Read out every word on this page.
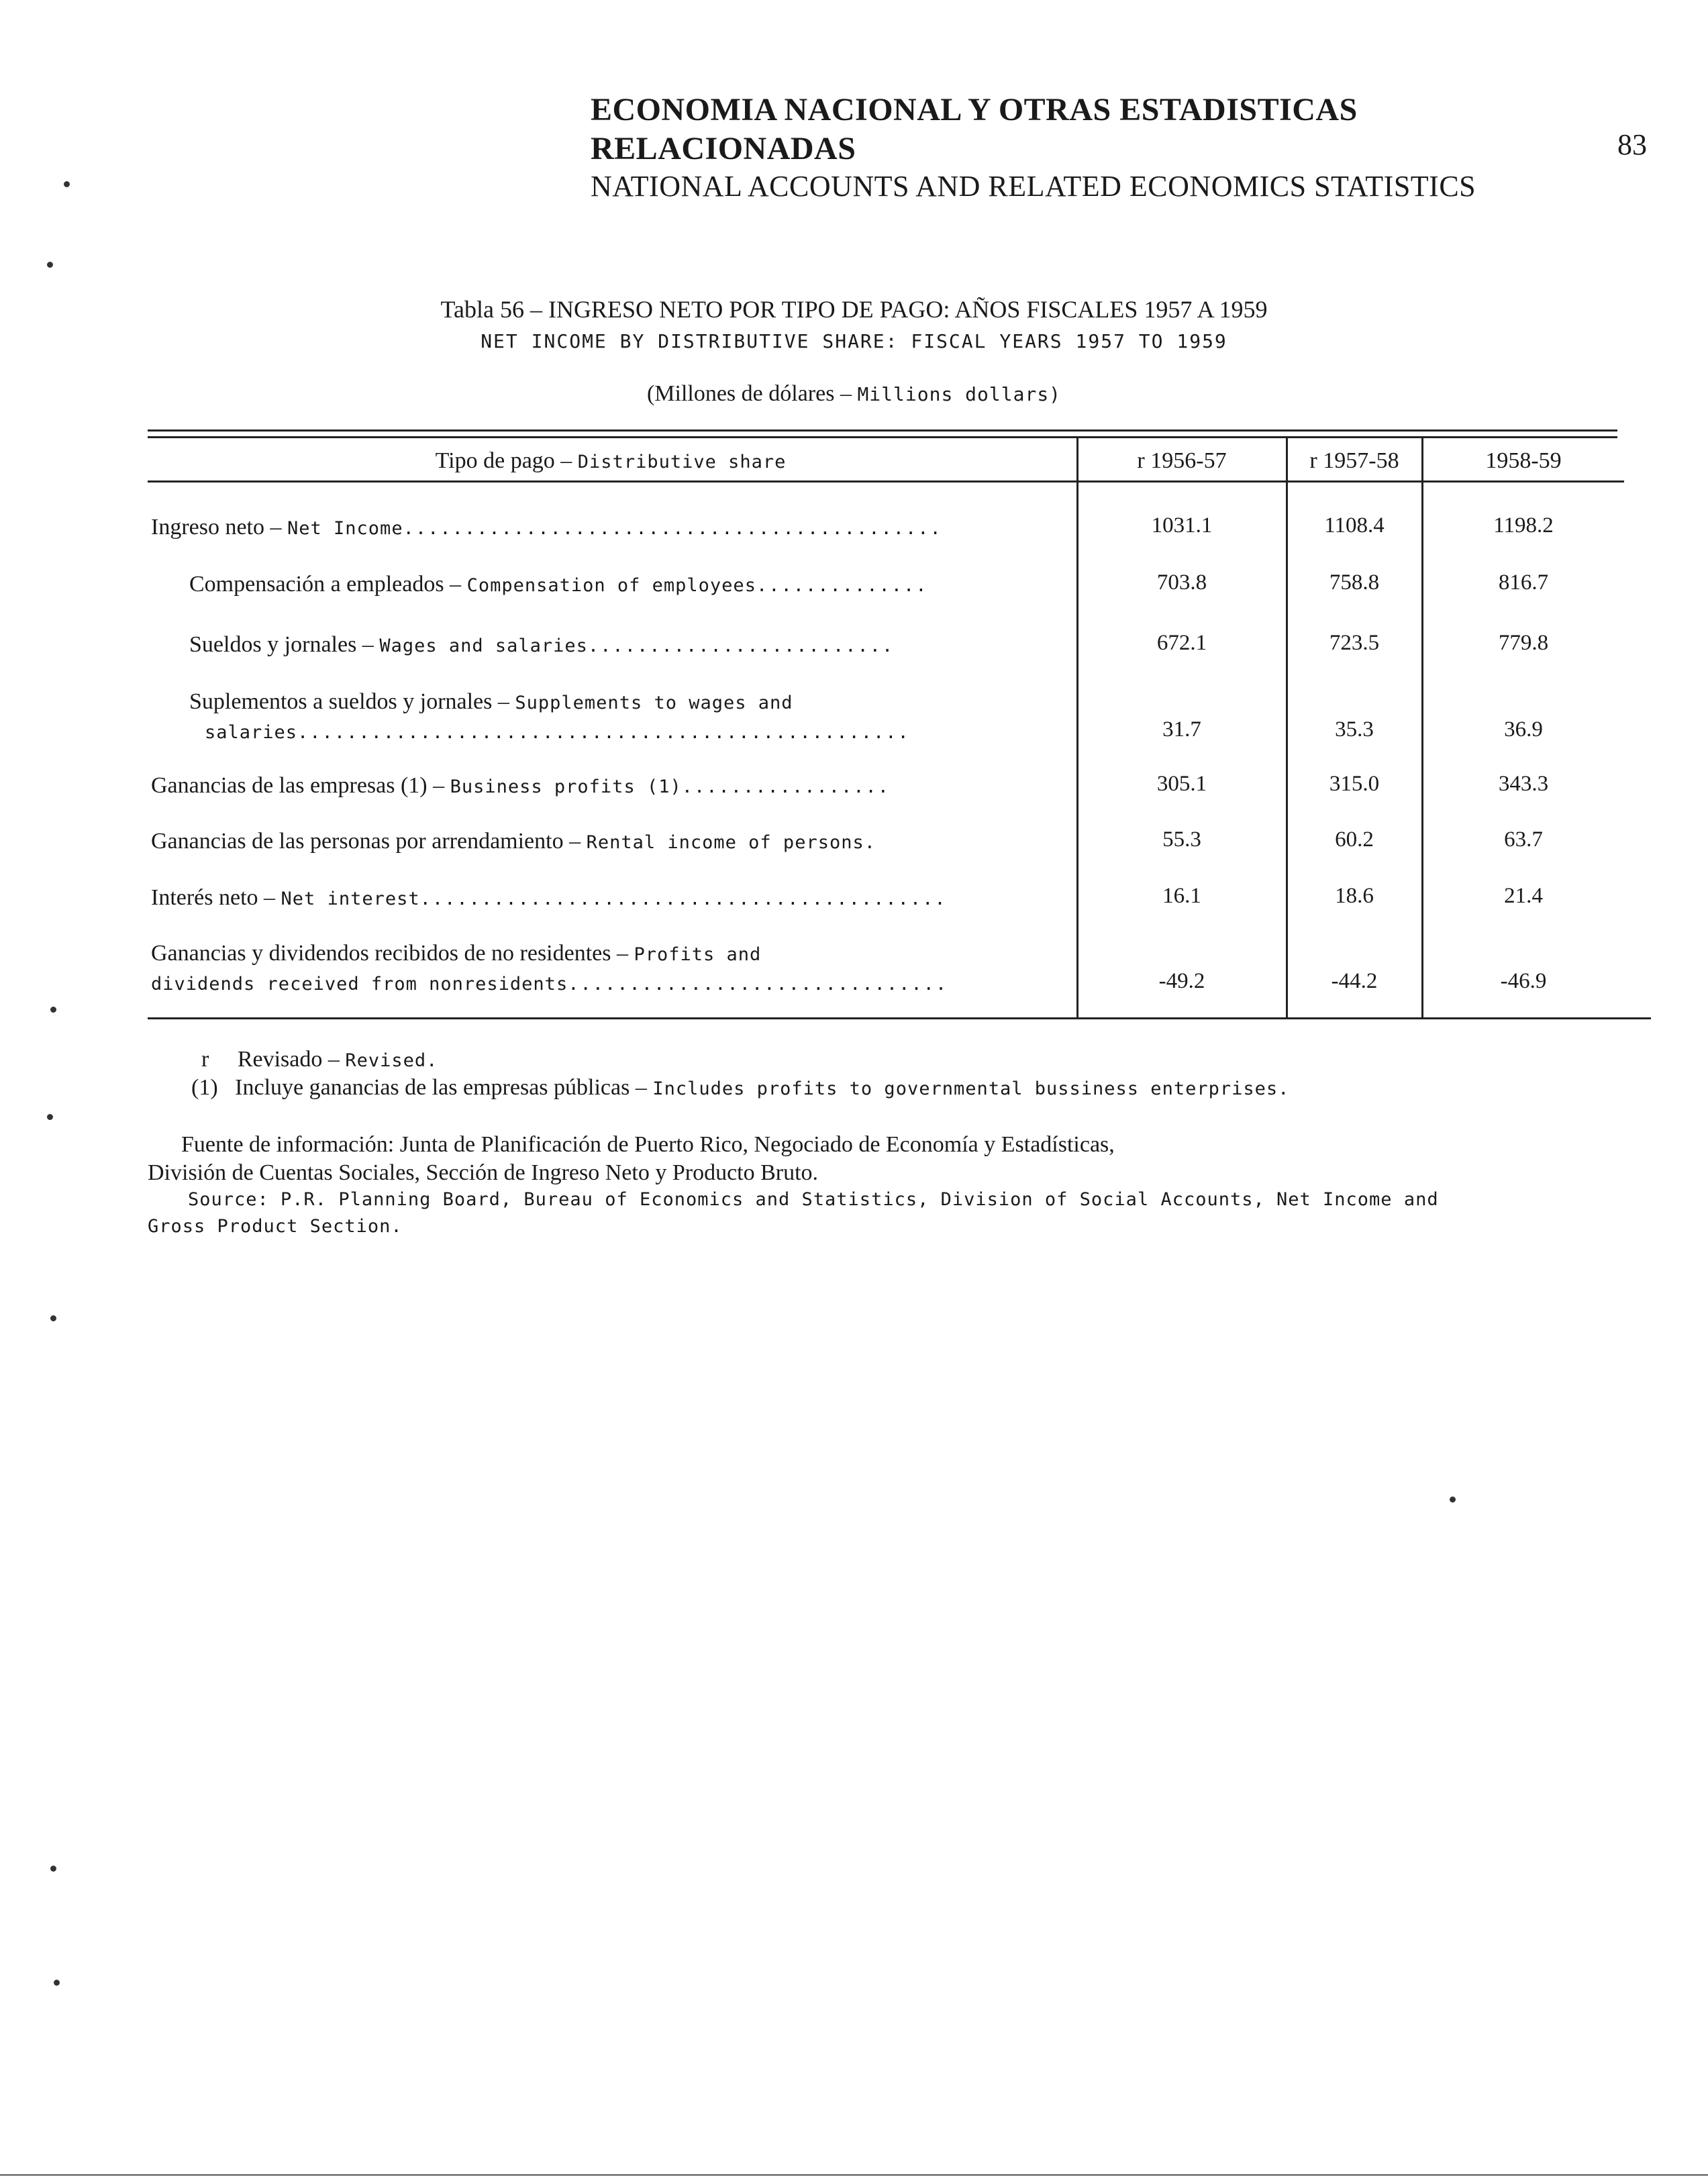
ECONOMIA NACIONAL Y OTRAS ESTADISTICAS RELACIONADAS
NATIONAL ACCOUNTS AND RELATED ECONOMICS STATISTICS
83
Tabla 56 – INGRESO NETO POR TIPO DE PAGO: AÑOS FISCALES 1957 A 1959
NET INCOME BY DISTRIBUTIVE SHARE: FISCAL YEARS 1957 TO 1959
(Millones de dólares – Millions dollars)
Tipo de pago – Distributive share	r 1956-57	r 1957-58	1958-59
Ingreso neto – Net Income............................................	1031.1	1108.4	1198.2
Compensación a empleados – Compensation of employees..............	703.8	758.8	816.7
Sueldos y jornales – Wages and salaries.........................	672.1	723.5	779.8
Suplementos a sueldos y jornales – Supplements to wages and
salaries..................................................	31.7	35.3	36.9
Ganancias de las empresas (1) – Business profits (1).................	305.1	315.0	343.3
Ganancias de las personas por arrendamiento – Rental income of persons.	55.3	60.2	63.7
Interés neto – Net interest...........................................	16.1	18.6	21.4
Ganancias y dividendos recibidos de no residentes – Profits and
dividends received from nonresidents...............................	-49.2	-44.2	-46.9
r Revisado – Revised.
(1) Incluye ganancias de las empresas públicas – Includes profits to governmental bussiness enterprises.
Fuente de información: Junta de Planificación de Puerto Rico, Negociado de Economía y Estadísticas,
División de Cuentas Sociales, Sección de Ingreso Neto y Producto Bruto.
Source: P.R. Planning Board, Bureau of Economics and Statistics, Division of Social Accounts, Net Income and
Gross Product Section.
